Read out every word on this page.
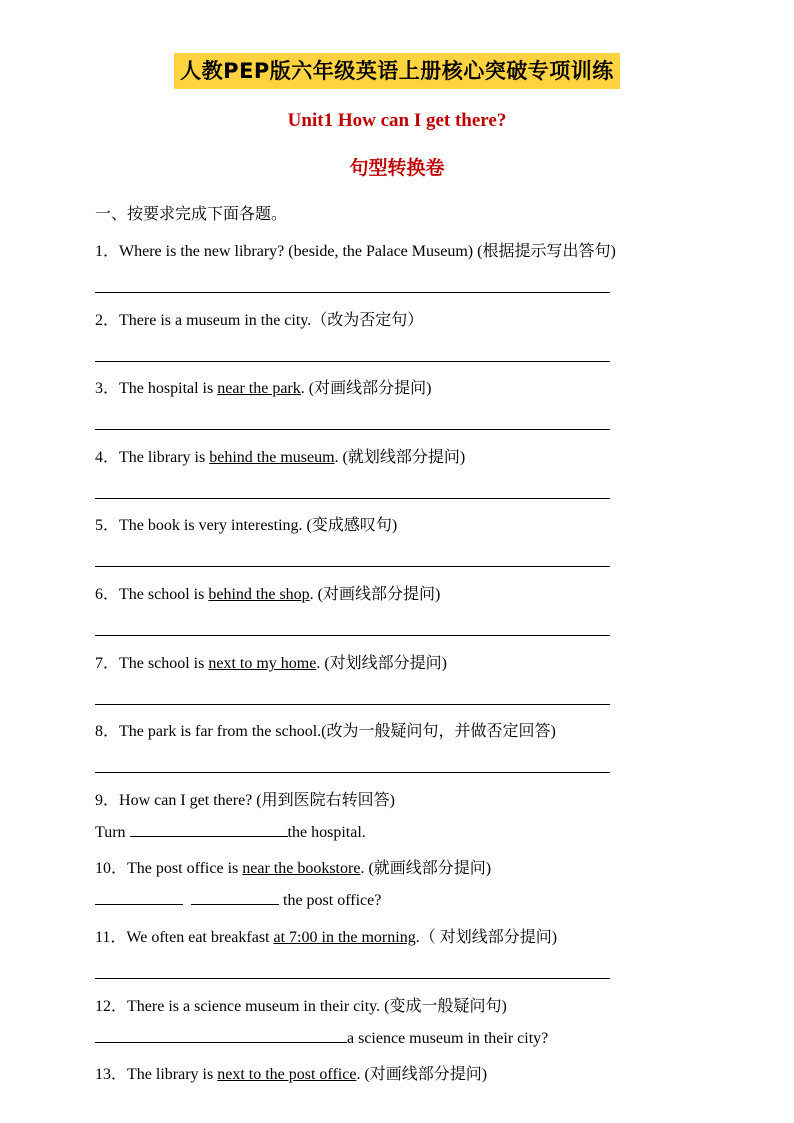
人教PEP版六年级英语上册核心突破专项训练
Unit1 How can I get there?
句型转换卷
一、按要求完成下面各题。
1．Where is the new library? (beside, the Palace Museum) (根据提示写出答句)
2．There is a museum in the city.（改为否定句）
3．The hospital is near the park. (对画线部分提问)
4．The library is behind the museum. (就划线部分提问)
5．The book is very interesting. (变成感叹句)
6．The school is behind the shop. (对画线部分提问)
7．The school is next to my home. (对划线部分提问)
8．The park is far from the school.(改为一般疑问句，并做否定回答)
9．How can I get there? (用到医院右转回答)
Turn	the hospital.
10．The post office is near the bookstore. (就画线部分提问)
the post office?
11．We often eat breakfast at 7:00 in the morning.（ 对划线部分提问)
12．There is a science museum in their city. (变成一般疑问句)
a science museum in their city?
13．The library is next to the post office. (对画线部分提问)
